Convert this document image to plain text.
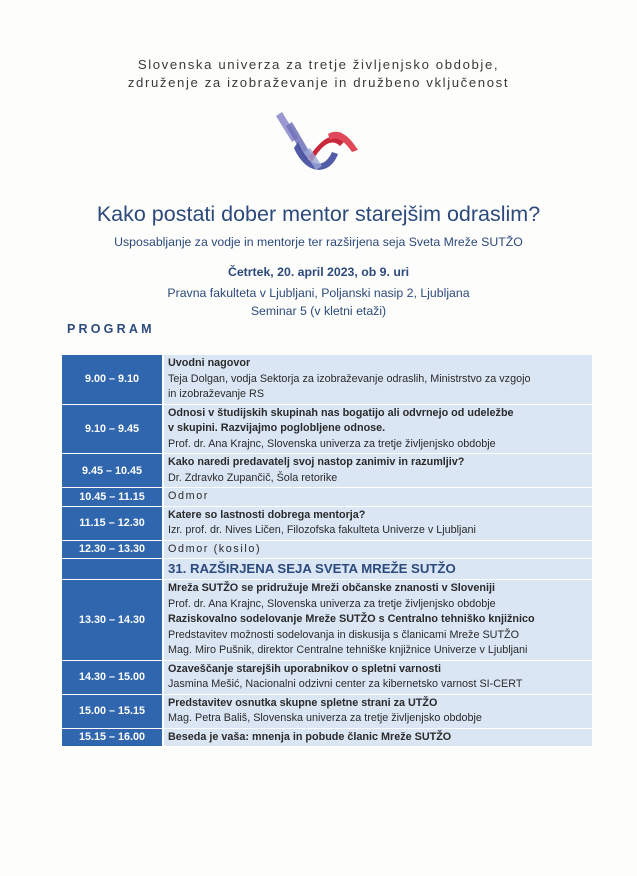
Slovenska univerza za tretje življenjsko obdobje,
združenje za izobraževanje in družbeno vključenost
Kako postati dober mentor starejšim odraslim?
Usposabljanje za vodje in mentorje ter razširjena seja Sveta Mreže SUTŽO
Četrtek, 20. april 2023, ob 9. uri
Pravna fakulteta v Ljubljani, Poljanski nasip 2, Ljubljana
Seminar 5 (v kletni etaži)
PROGRAM
9.00 – 9.10
Uvodni nagovor
Teja Dolgan, vodja Sektorja za izobraževanje odraslih, Ministrstvo za vzgojo
in izobraževanje RS
9.10 – 9.45
Odnosi v študijskih skupinah nas bogatijo ali odvrnejo od udeležbe
v skupini. Razvijajmo poglobljene odnose.
Prof. dr. Ana Krajnc, Slovenska univerza za tretje življenjsko obdobje
9.45 – 10.45
Kako naredi predavatelj svoj nastop zanimiv in razumljiv?
Dr. Zdravko Zupančič, Šola retorike
10.45 – 11.15	Odmor
11.15 – 12.30
Katere so lastnosti dobrega mentorja?
Izr. prof. dr. Nives Ličen, Filozofska fakulteta Univerze v Ljubljani
12.30 – 13.30	Odmor (kosilo)
31. RAZŠIRJENA SEJA SVETA MREŽE SUTŽO
13.30 – 14.30
Mreža SUTŽO se pridružuje Mreži občanske znanosti v Sloveniji
Prof. dr. Ana Krajnc, Slovenska univerza za tretje življenjsko obdobje
Raziskovalno sodelovanje Mreže SUTŽO s Centralno tehniško knjižnico
Predstavitev možnosti sodelovanja in diskusija s članicami Mreže SUTŽO
Mag. Miro Pušnik, direktor Centralne tehniške knjižnice Univerze v Ljubljani
14.30 – 15.00
Ozaveščanje starejših uporabnikov o spletni varnosti
Jasmina Mešić, Nacionalni odzivni center za kibernetsko varnost SI-CERT
15.00 – 15.15
Predstavitev osnutka skupne spletne strani za UTŽO
Mag. Petra Bališ, Slovenska univerza za tretje življenjsko obdobje
15.15 – 16.00	Beseda je vaša: mnenja in pobude članic Mreže SUTŽO
